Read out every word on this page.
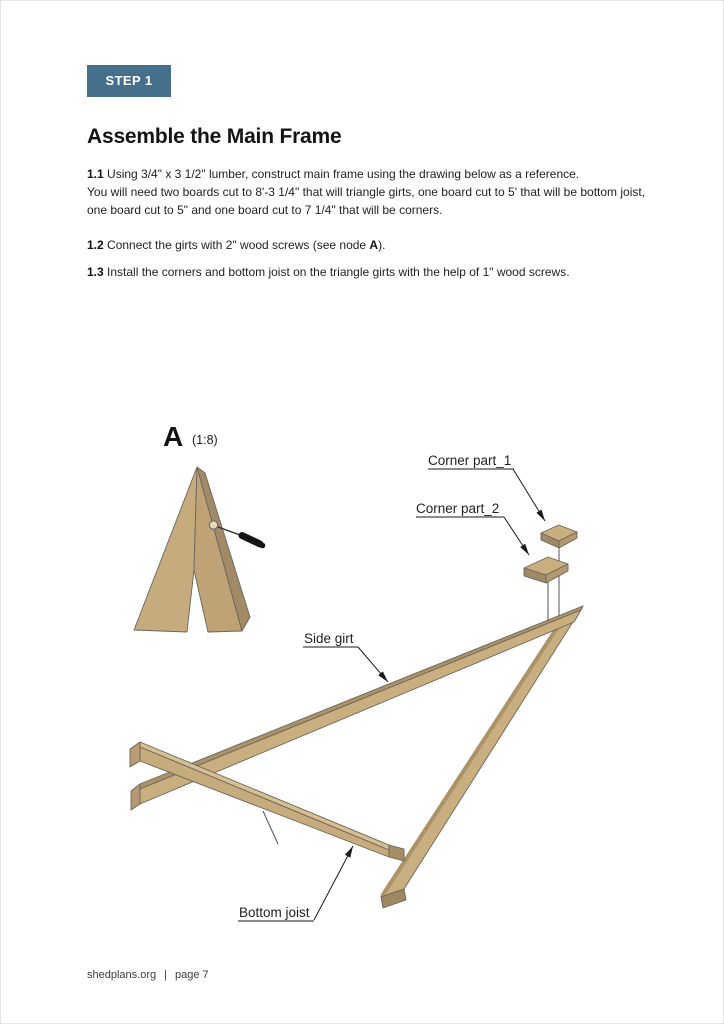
STEP 1
Assemble the Main Frame

1.1 Using 3/4" x 3 1/2" lumber, construct main frame using the drawing below as a reference.
You will need two boards cut to 8'-3 1/4" that will triangle girts, one board cut to 5' that will be bottom joist, one board cut to 5" and one board cut to 7 1/4" that will be corners.

1.2 Connect the girts with 2" wood screws (see node A).

1.3 Install the corners and bottom joist on the triangle girts with the help of 1" wood screws.

A (1:8)
Corner part_1
Corner part_2
Side girt
Bottom joist
shedplans.org | page 7
